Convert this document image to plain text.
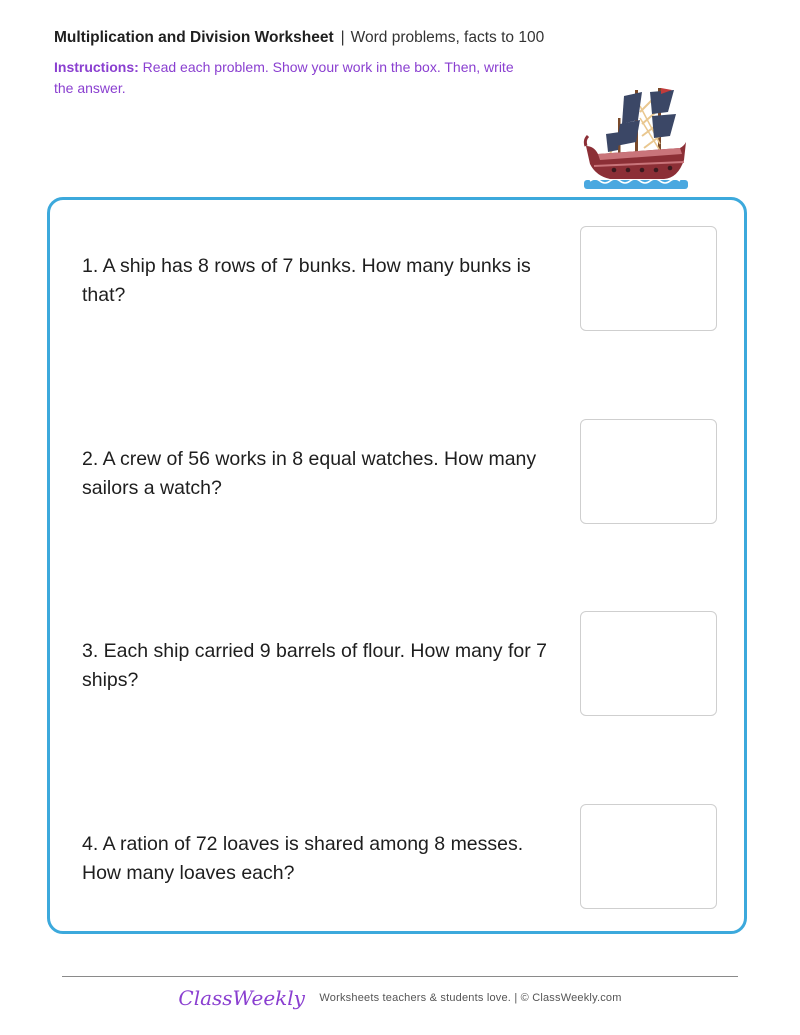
Multiplication and Division Worksheet | Word problems, facts to 100
Instructions: Read each problem. Show your work in the box. Then, write the answer.
1. A ship has 8 rows of 7 bunks. How many bunks is that?
2. A crew of 56 works in 8 equal watches. How many sailors a watch?
3. Each ship carried 9 barrels of flour. How many for 7 ships?
4. A ration of 72 loaves is shared among 8 messes. How many loaves each?
ClassWeekly Worksheets teachers & students love. | © ClassWeekly.com
